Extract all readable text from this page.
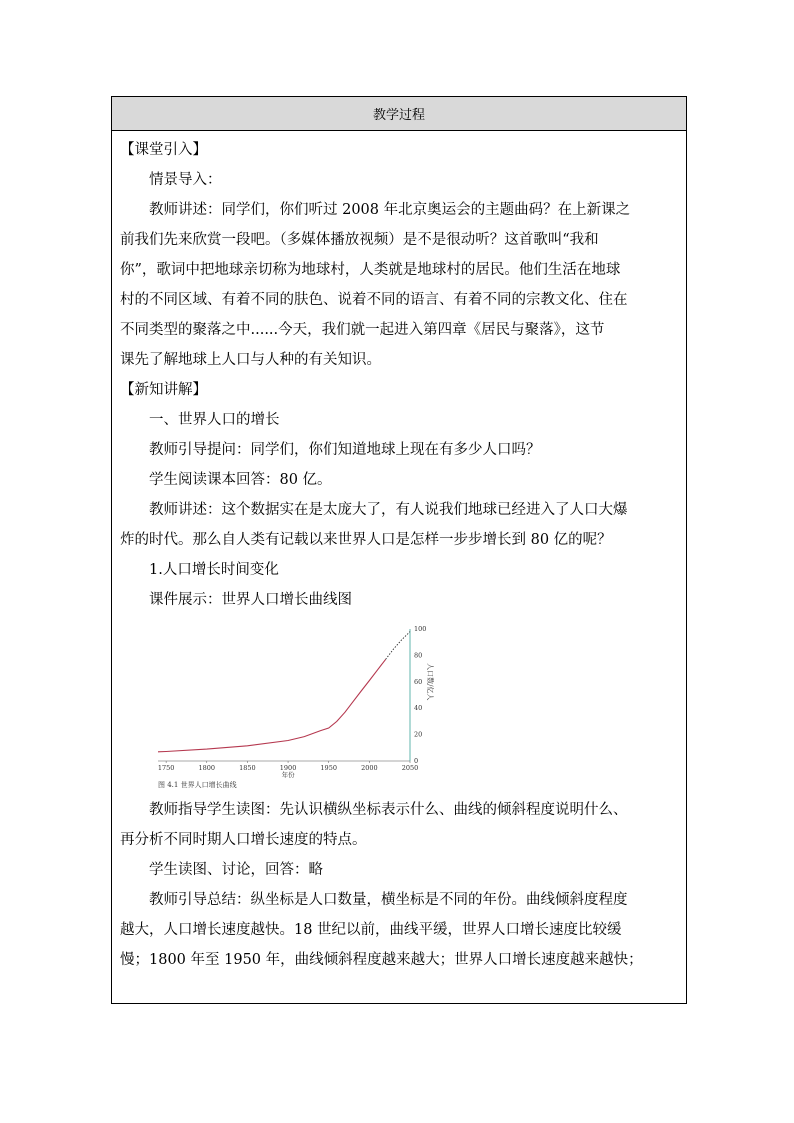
教学过程
【课堂引入】
情景导入：
教师讲述：同学们，你们听过 2008 年北京奥运会的主题曲码？在上新课之
前我们先来欣赏一段吧。（多媒体播放视频）是不是很动听？这首歌叫“我和
你”，歌词中把地球亲切称为地球村，人类就是地球村的居民。他们生活在地球
村的不同区域、有着不同的肤色、说着不同的语言、有着不同的宗教文化、住在
不同类型的聚落之中......今天，我们就一起进入第四章《居民与聚落》，这节
课先了解地球上人口与人种的有关知识。
【新知讲解】
一、世界人口的增长
教师引导提问：同学们，你们知道地球上现在有多少人口吗？
学生阅读课本回答：80 亿。
教师讲述：这个数据实在是太庞大了，有人说我们地球已经进入了人口大爆
炸的时代。那么自人类有记载以来世界人口是怎样一步步增长到 80 亿的呢？
1.人口增长时间变化
课件展示：世界人口增长曲线图
1750	1800	1850	1900	1950	2000	2050
年份
0
20
40
60
80
100
人口数/亿人
图 4.1 世界人口增长曲线
教师指导学生读图：先认识横纵坐标表示什么、曲线的倾斜程度说明什么、
再分析不同时期人口增长速度的特点。
学生读图、讨论，回答：略
教师引导总结：纵坐标是人口数量，横坐标是不同的年份。曲线倾斜度程度
越大，人口增长速度越快。18 世纪以前，曲线平缓，世界人口增长速度比较缓
慢；1800 年至 1950 年，曲线倾斜程度越来越大；世界人口增长速度越来越快；
